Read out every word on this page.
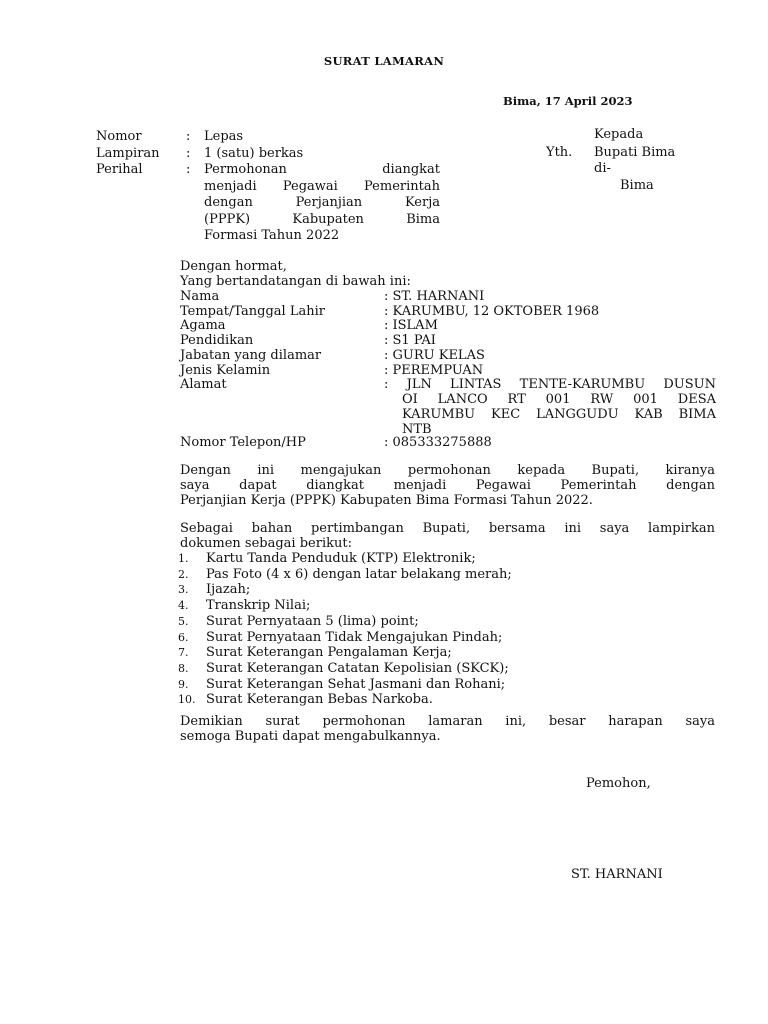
SURAT LAMARAN
Bima, 17 April 2023
Nomor	: Lepas
Lampiran : 1 (satu) berkas
Perihal	: Permohonan diangkat
menjadi Pegawai Pemerintah
dengan Perjanjian Kerja
(PPPK) Kabupaten Bima
Formasi Tahun 2022
Kepada
Yth. Bupati Bima
di-
Bima
Dengan hormat,
Yang bertandatangan di bawah ini:
Nama	: ST. HARNANI
Tempat/Tanggal Lahir	: KARUMBU, 12 OKTOBER 1968
Agama	: ISLAM
Pendidikan	: S1 PAI
Jabatan yang dilamar	: GURU KELAS
Jenis Kelamin	: PEREMPUAN
Alamat	: JLN LINTAS TENTE-KARUMBU DUSUN
OI LANCO RT 001 RW 001 DESA
KARUMBU KEC LANGGUDU KAB BIMA
NTB
Nomor Telepon/HP	: 085333275888
Dengan ini mengajukan permohonan kepada Bupati, kiranya
saya dapat diangkat menjadi Pegawai Pemerintah dengan
Perjanjian Kerja (PPPK) Kabupaten Bima Formasi Tahun 2022.
Sebagai bahan pertimbangan Bupati, bersama ini saya lampirkan
dokumen sebagai berikut:
1. Kartu Tanda Penduduk (KTP) Elektronik;
2. Pas Foto (4 x 6) dengan latar belakang merah;
3. Ijazah;
4. Transkrip Nilai;
5. Surat Pernyataan 5 (lima) point;
6. Surat Pernyataan Tidak Mengajukan Pindah;
7. Surat Keterangan Pengalaman Kerja;
8. Surat Keterangan Catatan Kepolisian (SKCK);
9. Surat Keterangan Sehat Jasmani dan Rohani;
10. Surat Keterangan Bebas Narkoba.
Demikian surat permohonan lamaran ini, besar harapan saya
semoga Bupati dapat mengabulkannya.
Pemohon,
ST. HARNANI
